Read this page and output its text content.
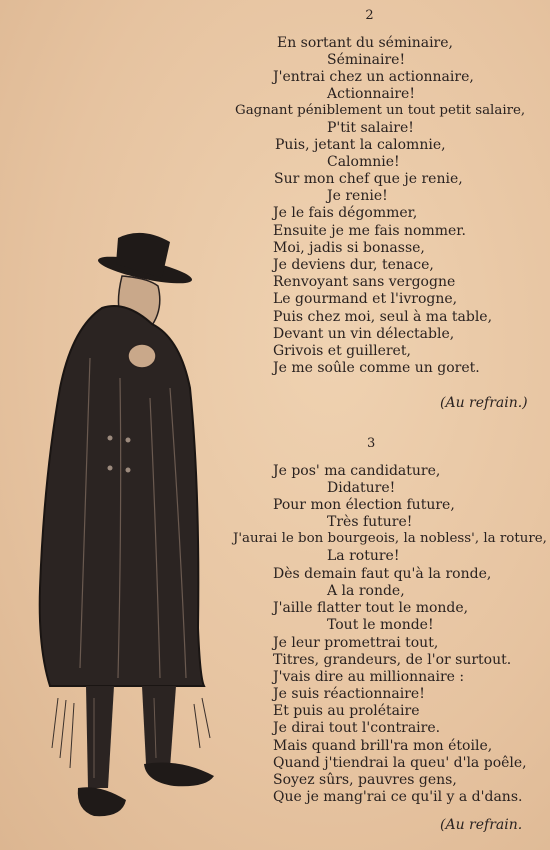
2
En sortant du séminaire,
Séminaire!
J'entrai chez un actionnaire,
Actionnaire!
Gagnant péniblement un tout petit salaire,
P'tit salaire!
Puis, jetant la calomnie,
Calomnie!
Sur mon chef que je renie,
Je renie!
Je le fais dégommer,
Ensuite je me fais nommer.
Moi, jadis si bonasse,
Je deviens dur, tenace,
Renvoyant sans vergogne
Le gourmand et l'ivrogne,
Puis chez moi, seul à ma table,
Devant un vin délectable,
Grivois et guilleret,
Je me soûle comme un goret.
(Au refrain.)
3
Je pos' ma candidature,
Didature!
Pour mon élection future,
Très future!
J'aurai le bon bourgeois, la nobless', la roture,
La roture!
Dès demain faut qu'à la ronde,
A la ronde,
J'aille flatter tout le monde,
Tout le monde!
Je leur promettrai tout,
Titres, grandeurs, de l'or surtout.
J'vais dire au millionnaire :
Je suis réactionnaire!
Et puis au prolétaire
Je dirai tout l'contraire.
Mais quand brill'ra mon étoile,
Quand j'tiendrai la queu' d'la poêle,
Soyez sûrs, pauvres gens,
Que je mang'rai ce qu'il y a d'dans.
(Au refrain.
